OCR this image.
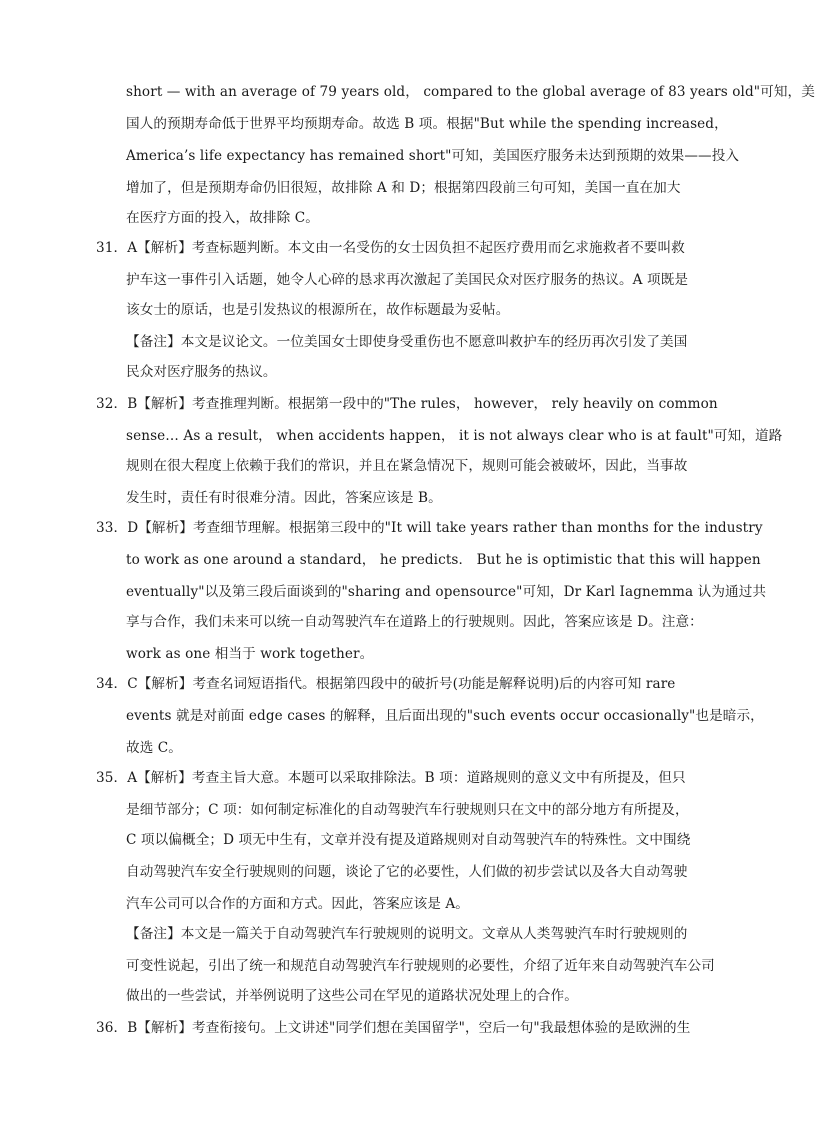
short — with an average of 79 years old， compared to the global average of 83 years old"可知，美
国人的预期寿命低于世界平均预期寿命。故选 B 项。根据"But while the spending increased，
America’s life expectancy has remained short"可知，美国医疗服务未达到预期的效果——投入
增加了，但是预期寿命仍旧很短，故排除 A 和 D；根据第四段前三句可知，美国一直在加大
在医疗方面的投入，故排除 C。
31．A【解析】考查标题判断。本文由一名受伤的女士因负担不起医疗费用而乞求施救者不要叫救
护车这一事件引入话题，她令人心碎的恳求再次激起了美国民众对医疗服务的热议。A 项既是
该女士的原话，也是引发热议的根源所在，故作标题最为妥帖。
【备注】本文是议论文。一位美国女士即使身受重伤也不愿意叫救护车的经历再次引发了美国
民众对医疗服务的热议。
32．B【解析】考查推理判断。根据第一段中的"The rules， however， rely heavily on common
sense… As a result， when accidents happen， it is not always clear who is at fault"可知，道路
规则在很大程度上依赖于我们的常识，并且在紧急情况下，规则可能会被破坏，因此，当事故
发生时，责任有时很难分清。因此，答案应该是 B。
33．D【解析】考查细节理解。根据第三段中的"It will take years rather than months for the industry
to work as one around a standard， he predicts． But he is optimistic that this will happen
eventually"以及第三段后面谈到的"sharing and opensource"可知，Dr Karl Iagnemma 认为通过共
享与合作，我们未来可以统一自动驾驶汽车在道路上的行驶规则。因此，答案应该是 D。注意：
work as one 相当于 work together。
34．C【解析】考查名词短语指代。根据第四段中的破折号(功能是解释说明)后的内容可知 rare
events 就是对前面 edge cases 的解释，且后面出现的"such events occur occasionally"也是暗示，
故选 C。
35．A【解析】考查主旨大意。本题可以采取排除法。B 项：道路规则的意义文中有所提及，但只
是细节部分；C 项：如何制定标准化的自动驾驶汽车行驶规则只在文中的部分地方有所提及，
C 项以偏概全；D 项无中生有，文章并没有提及道路规则对自动驾驶汽车的特殊性。文中围绕
自动驾驶汽车安全行驶规则的问题，谈论了它的必要性，人们做的初步尝试以及各大自动驾驶
汽车公司可以合作的方面和方式。因此，答案应该是 A。
【备注】本文是一篇关于自动驾驶汽车行驶规则的说明文。文章从人类驾驶汽车时行驶规则的
可变性说起，引出了统一和规范自动驾驶汽车行驶规则的必要性，介绍了近年来自动驾驶汽车公司
做出的一些尝试，并举例说明了这些公司在罕见的道路状况处理上的合作。
36．B【解析】考查衔接句。上文讲述"同学们想在美国留学"，空后一句"我最想体验的是欧洲的生
